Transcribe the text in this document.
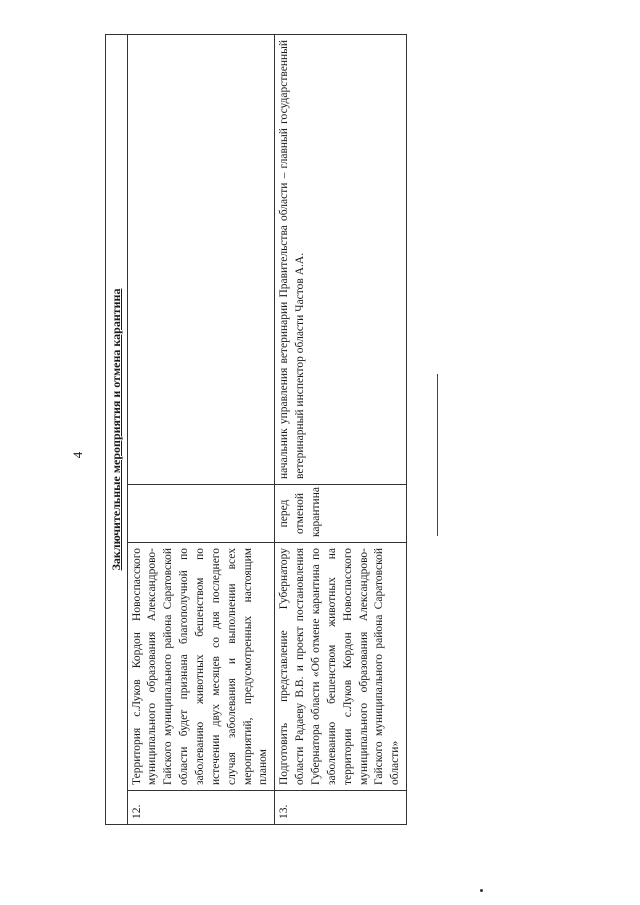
4 Заключительные мероприятия и отмена карантина			
12.	Территория с.Луков Кордон Новоспасского муниципального образования Александрово-Гайского муниципального района Саратовской области будет признана благополучной по заболеванию животных бешенством по истечении двух месяцев со дня последнего случая заболевания и выполнении всех мероприятий, предусмотренных настоящим планом		
13.	Подготовить представление Губернатору области Радаеву В.В. и проект постановления Губернатора области «Об отмене карантина по заболеванию бешенством животных на территории с.Луков Кордон Новоспасского муниципального образования Александрово-Гайского муниципального района Саратовской области»	перед отменой карантина	начальник управления ветеринарии Правительства области – главный государственный ветеринарный инспектор области Частов А.А.
